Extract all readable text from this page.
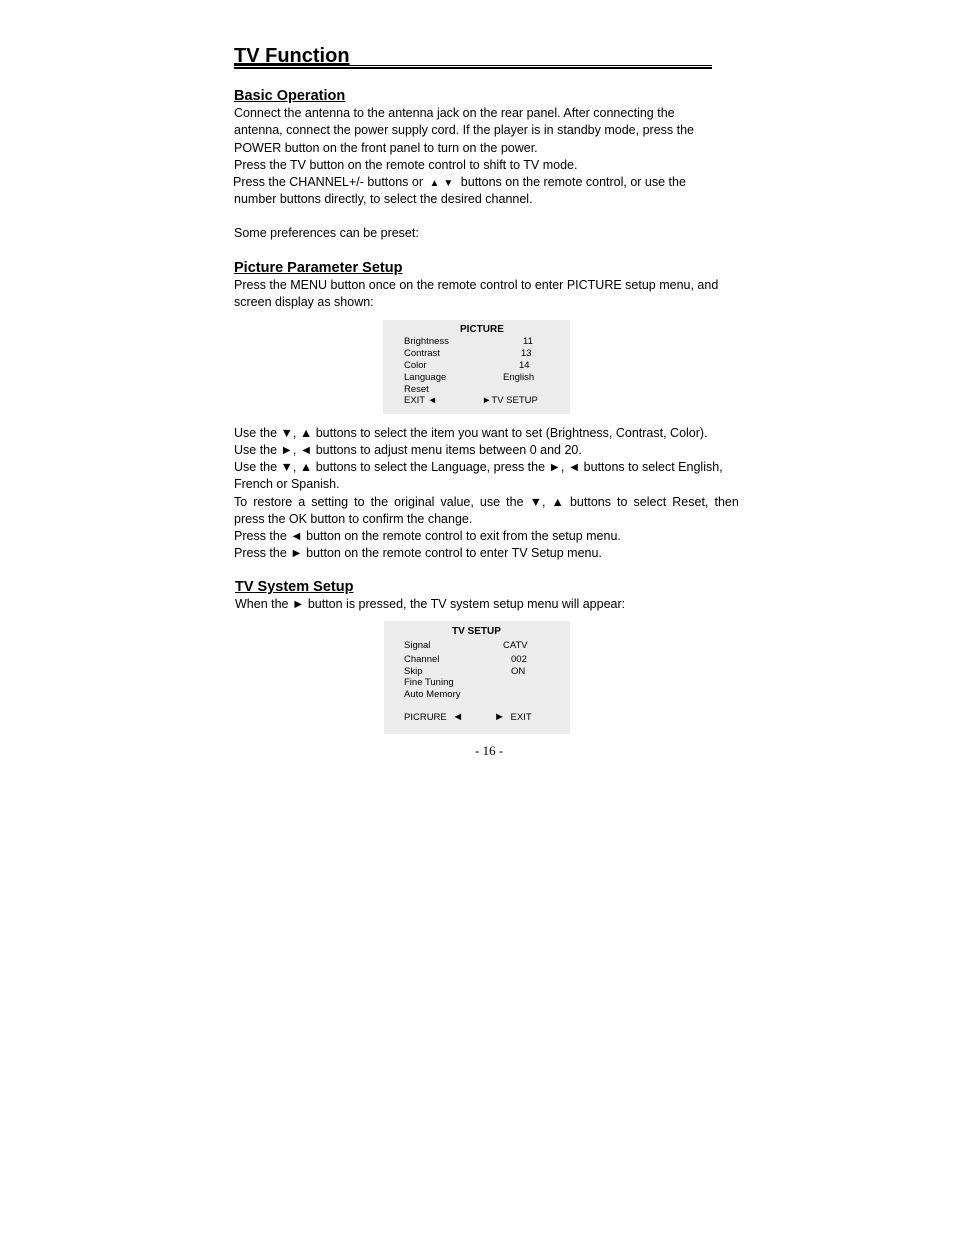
TV Function
Basic Operation
Connect the antenna to the antenna jack on the rear panel. After connecting the
antenna, connect the power supply cord. If the player is in standby mode, press the
POWER button on the front panel to turn on the power.
Press the TV button on the remote control to shift to TV mode.
Press the CHANNEL+/- buttons or ▲ ▼ buttons on the remote control, or use the
number buttons directly, to select the desired channel.
Some preferences can be preset:
Picture Parameter Setup
Press the MENU button once on the remote control to enter PICTURE setup menu, and
screen display as shown:
PICTURE
Brightness	11
Contrast	13
Color	14
Language	English
Reset
EXIT ◄	►TV SETUP
Use the ▼, ▲ buttons to select the item you want to set (Brightness, Contrast, Color).
Use the ►, ◄ buttons to adjust menu items between 0 and 20.
Use the ▼, ▲ buttons to select the Language, press the ►, ◄ buttons to select English,
French or Spanish.
To restore a setting to the original value, use the ▼, ▲ buttons to select Reset, then
press the OK button to confirm the change.
Press the ◄ button on the remote control to exit from the setup menu.
Press the ► button on the remote control to enter TV Setup menu.
TV System Setup
When the ► button is pressed, the TV system setup menu will appear:
TV SETUP
Signal	CATV
Channel	002
Skip	ON
Fine Tuning
Auto Memory
PICRURE ◄	► EXIT
- 16 -
